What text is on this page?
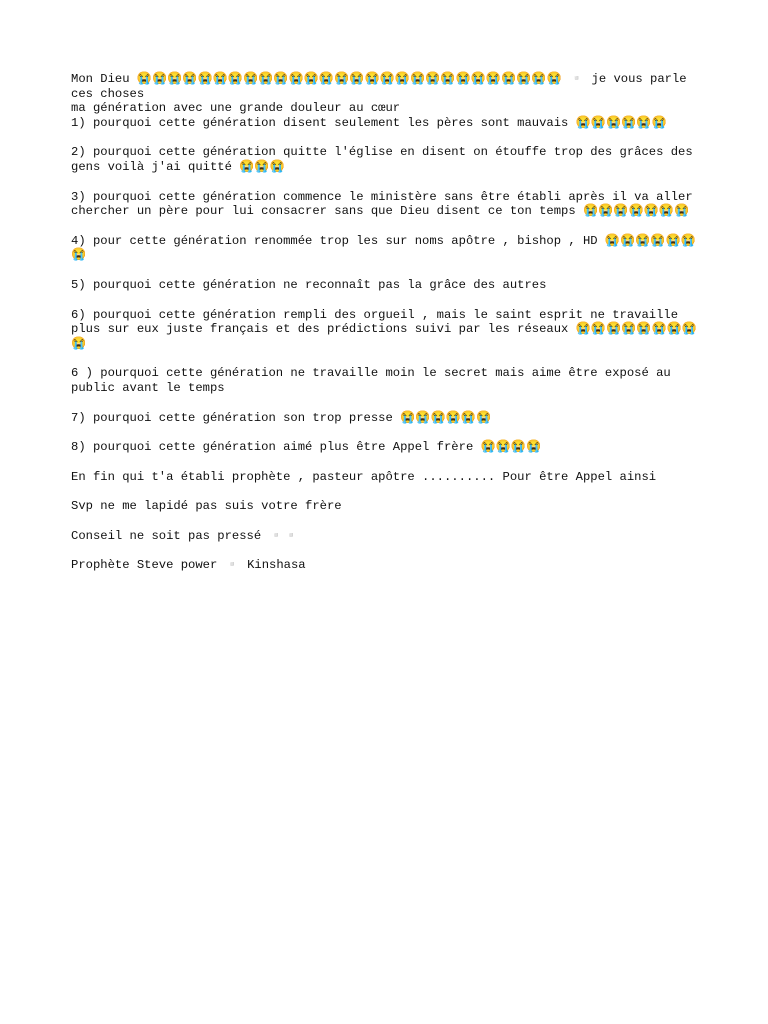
Mon Dieu 😭😭😭😭😭😭😭😭😭😭😭😭😭😭😭😭😭😭😭😭😭😭😭😭😭😭😭😭 ▫️ je vous parle ces choses

ma génération avec une grande douleur au cœur

1) pourquoi cette génération disent seulement les pères sont mauvais 😭😭😭😭😭😭

2) pourquoi cette génération quitte l'église en disent on étouffe trop des grâces des gens voilà j'ai quitté 😭😭😭

3) pourquoi cette génération commence le ministère sans être établi après il va aller chercher un père pour lui consacrer sans que Dieu disent ce ton temps 😭😭😭😭😭😭😭

4) pour cette génération renommée trop les sur noms apôtre , bishop , HD 😭😭😭😭😭😭😭

5) pourquoi cette génération ne reconnaît pas la grâce des autres

6) pourquoi cette génération rempli des orgueil , mais le saint esprit ne travaille plus sur eux juste français et des prédictions suivi par les réseaux 😭😭😭😭😭😭😭😭😭

6 ) pourquoi cette génération ne travaille moin le secret mais aime être exposé au public avant le temps

7) pourquoi cette génération son trop presse 😭😭😭😭😭😭

8) pourquoi cette génération aimé plus être Appel frère 😭😭😭😭

En fin qui t'a établi prophète , pasteur apôtre .......... Pour être Appel ainsi

Svp ne me lapidé pas suis votre frère

Conseil ne soit pas pressé ▫️▫️

Prophète Steve power ▫️ Kinshasa
